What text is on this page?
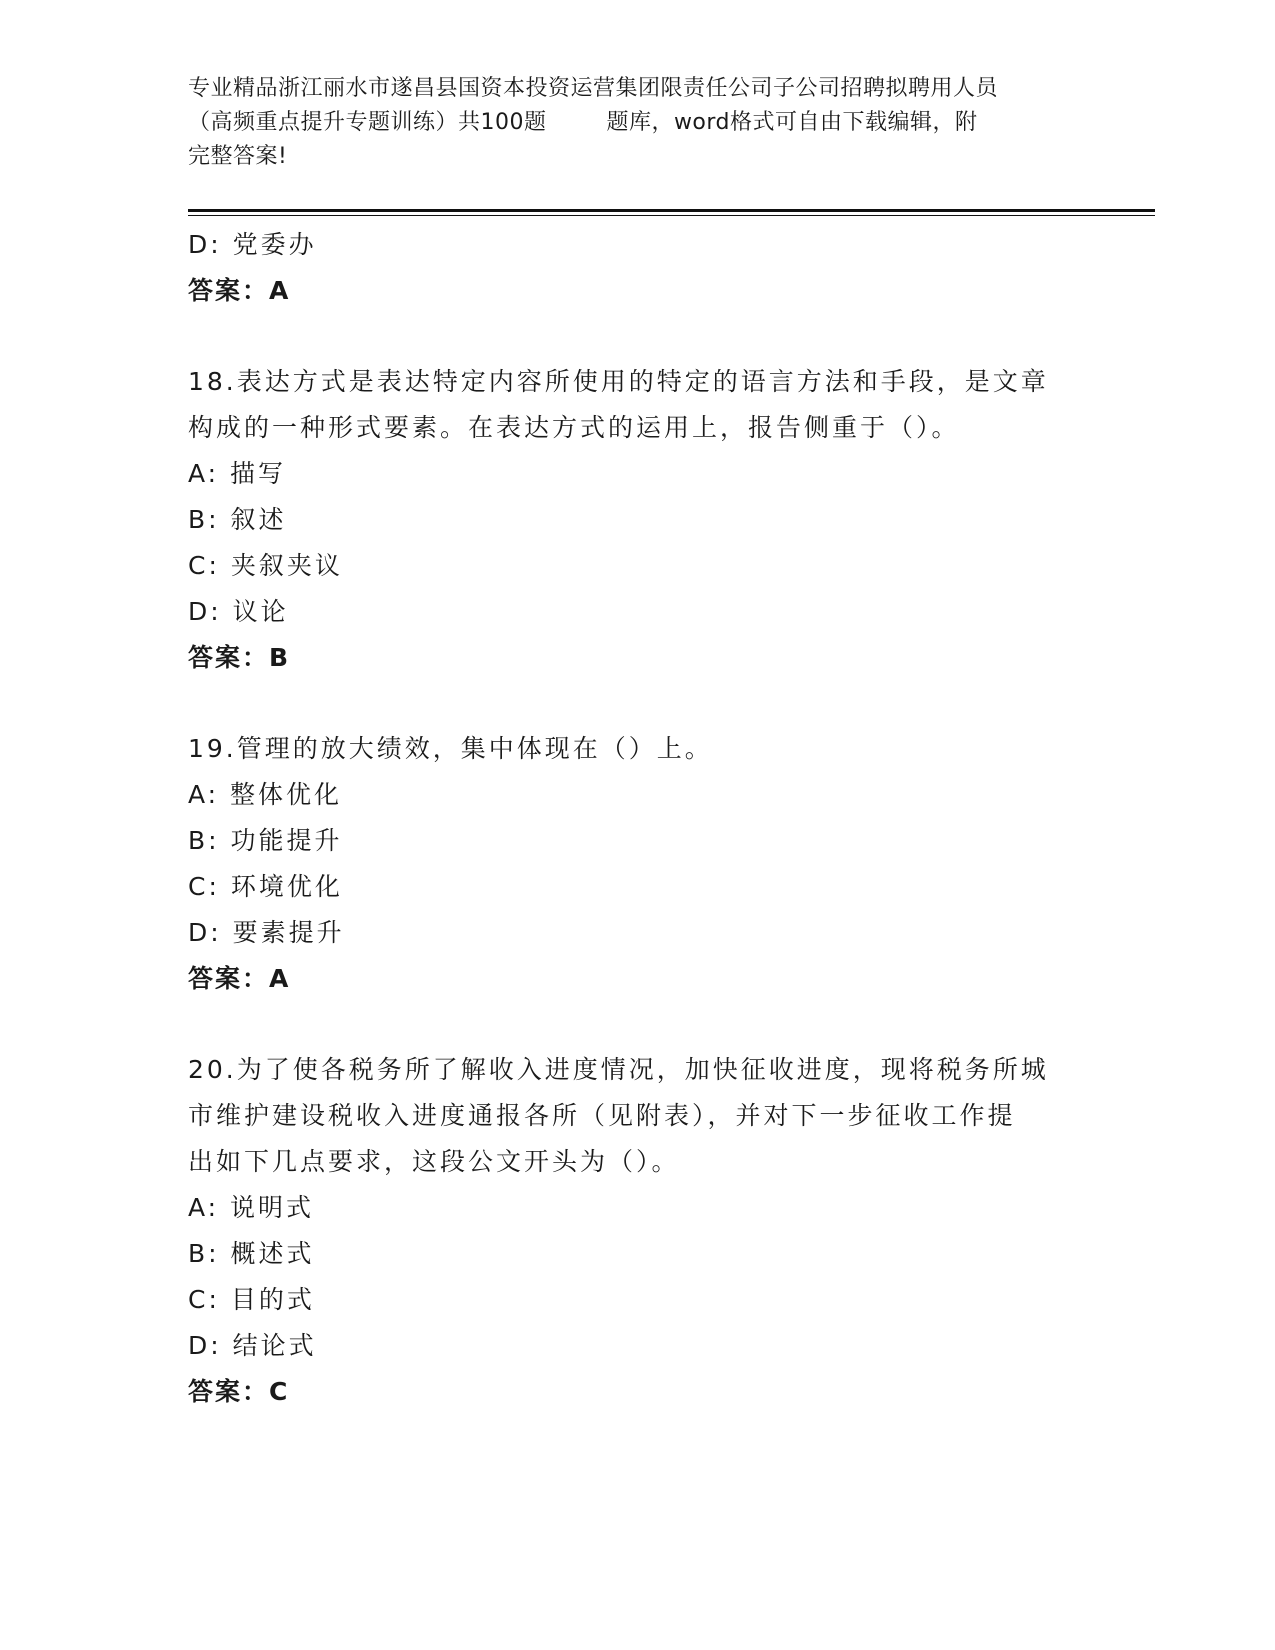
专业精品浙江丽水市遂昌县国资本投资运营集团限责任公司子公司招聘拟聘用人员
（高频重点提升专题训练）共100题        题库，word格式可自由下载编辑，附
完整答案!
D: 党委办
答案：A
18.表达方式是表达特定内容所使用的特定的语言方法和手段，是文章
构成的一种形式要素。在表达方式的运用上，报告侧重于（）。
A: 描写
B: 叙述
C: 夹叙夹议
D: 议论
答案：B
19.管理的放大绩效，集中体现在（）上。
A: 整体优化
B: 功能提升
C: 环境优化
D: 要素提升
答案：A
20.为了使各税务所了解收入进度情况，加快征收进度，现将税务所城
市维护建设税收入进度通报各所（见附表），并对下一步征收工作提
出如下几点要求，这段公文开头为（）。
A: 说明式
B: 概述式
C: 目的式
D: 结论式
答案：C
